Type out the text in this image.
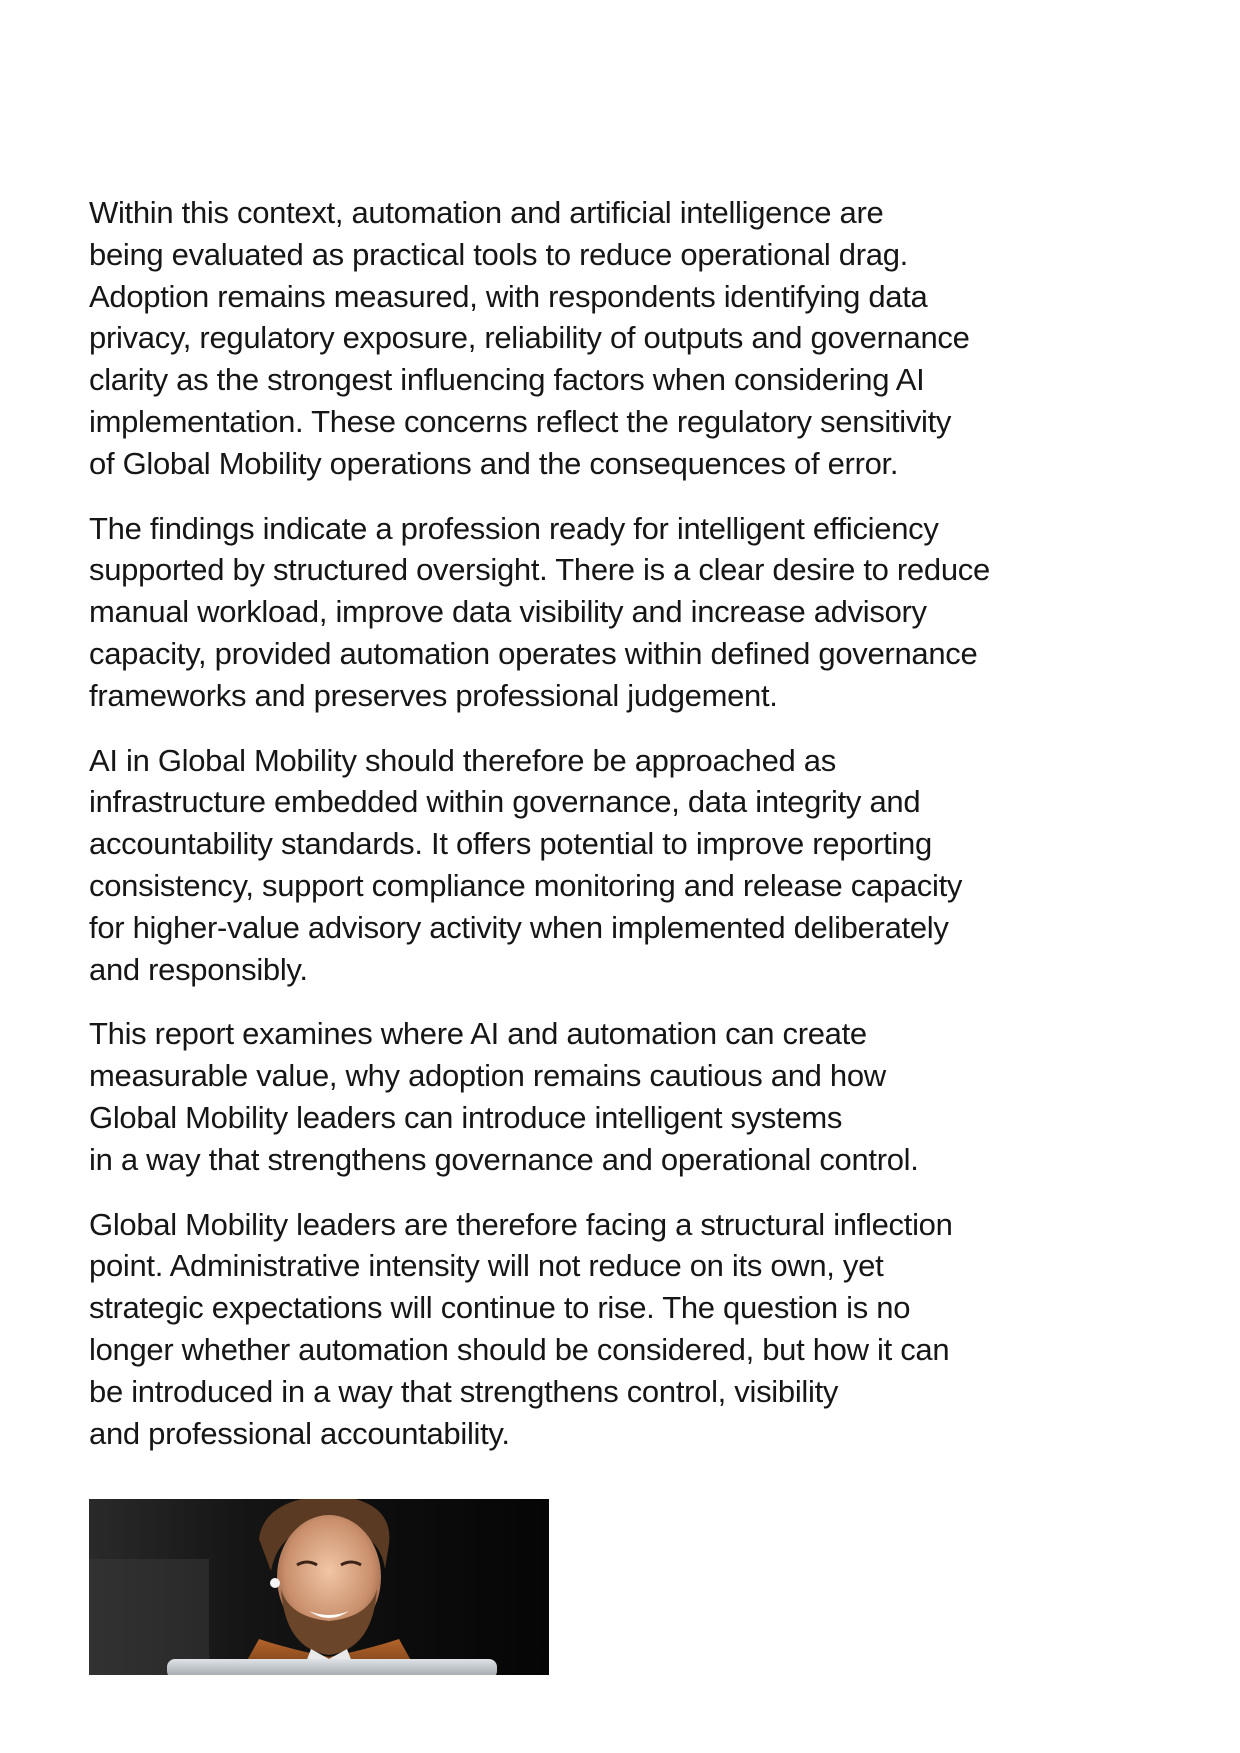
Within this context, automation and artificial intelligence are
being evaluated as practical tools to reduce operational drag.
Adoption remains measured, with respondents identifying data
privacy, regulatory exposure, reliability of outputs and governance
clarity as the strongest influencing factors when considering AI
implementation. These concerns reflect the regulatory sensitivity
of Global Mobility operations and the consequences of error.

The findings indicate a profession ready for intelligent efficiency
supported by structured oversight. There is a clear desire to reduce
manual workload, improve data visibility and increase advisory
capacity, provided automation operates within defined governance
frameworks and preserves professional judgement.

AI in Global Mobility should therefore be approached as
infrastructure embedded within governance, data integrity and
accountability standards. It offers potential to improve reporting
consistency, support compliance monitoring and release capacity
for higher-value advisory activity when implemented deliberately
and responsibly.

This report examines where AI and automation can create
measurable value, why adoption remains cautious and how
Global Mobility leaders can introduce intelligent systems
in a way that strengthens governance and operational control.

Global Mobility leaders are therefore facing a structural inflection
point. Administrative intensity will not reduce on its own, yet
strategic expectations will continue to rise. The question is no
longer whether automation should be considered, but how it can
be introduced in a way that strengthens control, visibility
and professional accountability.
